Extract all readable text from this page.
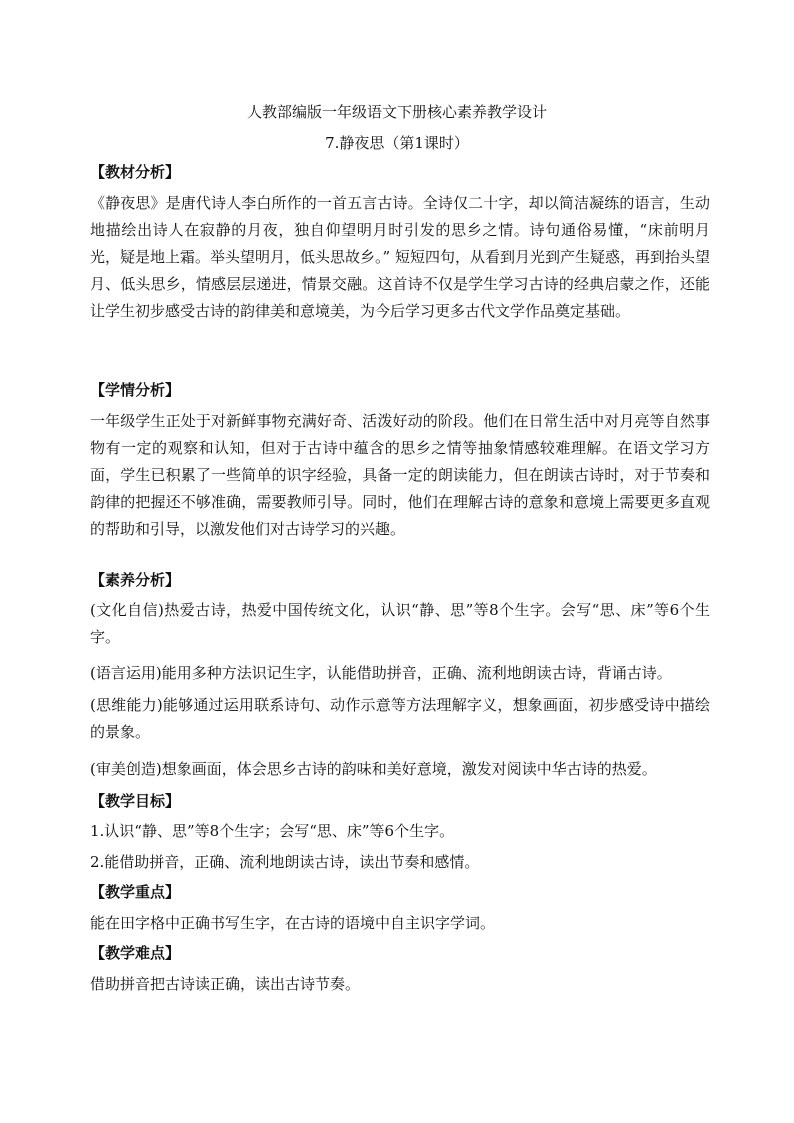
人教部编版一年级语文下册核心素养教学设计
7.静夜思（第1课时）
【教材分析】
《静夜思》是唐代诗人李白所作的一首五言古诗。全诗仅二十字，却以简洁凝练的语言，生动地描绘出诗人在寂静的月夜，独自仰望明月时引发的思乡之情。诗句通俗易懂，“床前明月光，疑是地上霜。举头望明月，低头思故乡。” 短短四句，从看到月光到产生疑惑，再到抬头望月、低头思乡，情感层层递进，情景交融。这首诗不仅是学生学习古诗的经典启蒙之作，还能让学生初步感受古诗的韵律美和意境美，为今后学习更多古代文学作品奠定基础。
【学情分析】
一年级学生正处于对新鲜事物充满好奇、活泼好动的阶段。他们在日常生活中对月亮等自然事物有一定的观察和认知，但对于古诗中蕴含的思乡之情等抽象情感较难理解。在语文学习方面，学生已积累了一些简单的识字经验，具备一定的朗读能力，但在朗读古诗时，对于节奏和韵律的把握还不够准确，需要教师引导。同时，他们在理解古诗的意象和意境上需要更多直观的帮助和引导，以激发他们对古诗学习的兴趣。
【素养分析】
(文化自信)热爱古诗，热爱中国传统文化，认识“静、思”等8个生字。会写“思、床”等6个生字。
(语言运用)能用多种方法识记生字，认能借助拼音，正确、流利地朗读古诗，背诵古诗。
(思维能力)能够通过运用联系诗句、动作示意等方法理解字义，想象画面，初步感受诗中描绘的景象。
(审美创造)想象画面，体会思乡古诗的韵味和美好意境，激发对阅读中华古诗的热爱。
【教学目标】
1.认识“静、思”等8个生字；会写“思、床”等6个生字。
2.能借助拼音，正确、流利地朗读古诗，读出节奏和感情。
【教学重点】
能在田字格中正确书写生字，在古诗的语境中自主识字学词。
【教学难点】
借助拼音把古诗读正确，读出古诗节奏。
